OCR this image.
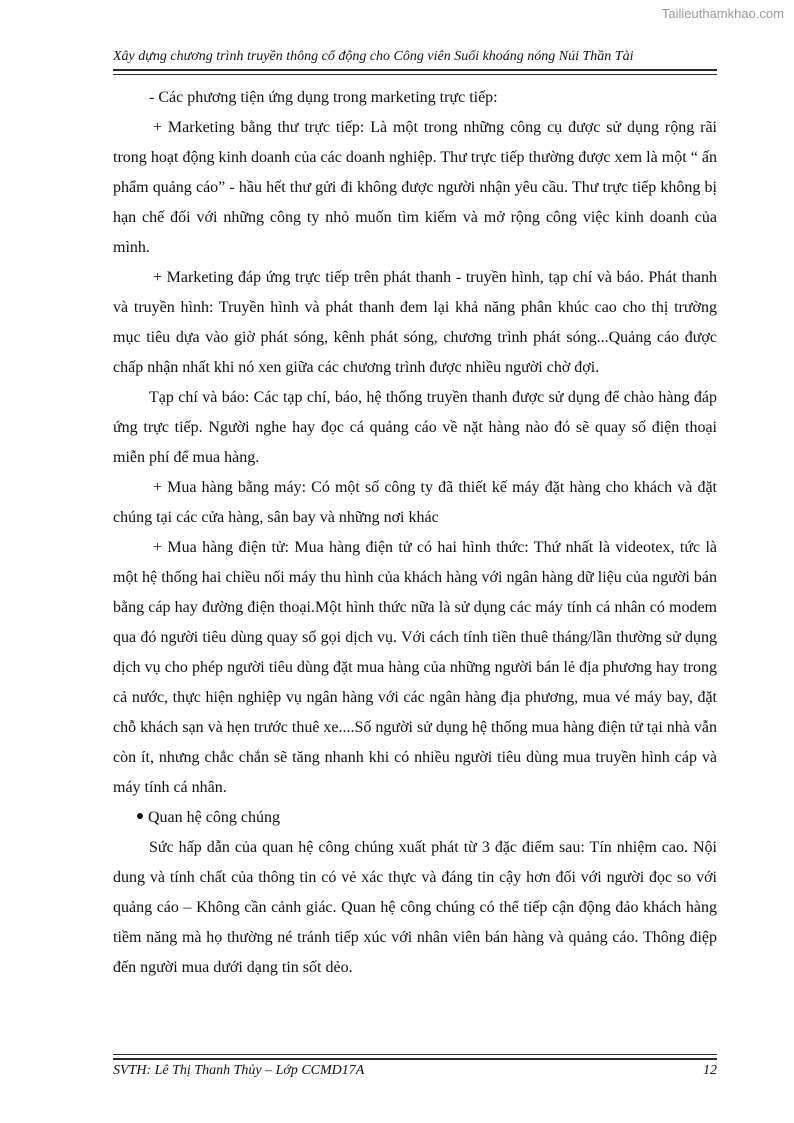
Tailieuthamkhao.com
Xây dựng chương trình truyền thông cổ động cho Công viên Suối khoáng nóng Núi Thần Tài

- Các phương tiện ứng dụng trong marketing trực tiếp:

+ Marketing bằng thư trực tiếp: Là một trong những công cụ được sử dụng rộng rãi trong hoạt động kinh doanh của các doanh nghiệp. Thư trực tiếp thường được xem là một “ ấn phẩm quảng cáo” - hầu hết thư gửi đi không được người nhận yêu cầu. Thư trực tiếp không bị hạn chế đối với những công ty nhỏ muốn tìm kiếm và mở rộng công việc kinh doanh của mình.

+ Marketing đáp ứng trực tiếp trên phát thanh - truyền hình, tạp chí và báo. Phát thanh và truyền hình: Truyền hình và phát thanh đem lại khả năng phân khúc cao cho thị trường mục tiêu dựa vào giờ phát sóng, kênh phát sóng, chương trình phát sóng...Quảng cáo được chấp nhận nhất khi nó xen giữa các chương trình được nhiều người chờ đợi.

Tạp chí và báo: Các tạp chí, báo, hệ thống truyền thanh được sử dụng để chào hàng đáp ứng trực tiếp. Người nghe hay đọc cá quảng cáo về nặt hàng nào đó sẽ quay số điện thoại miễn phí để mua hàng.

+ Mua hàng bằng máy: Có một số công ty đã thiết kế máy đặt hàng cho khách và đặt chúng tại các cửa hàng, sân bay và những nơi khác

+ Mua hàng điện tử: Mua hàng điện tử có hai hình thức: Thứ nhất là videotex, tức là một hệ thống hai chiều nối máy thu hình của khách hàng với ngân hàng dữ liệu của người bán bằng cáp hay đường điện thoại.Một hình thức nữa là sử dụng các máy tính cá nhân có modem qua đó người tiêu dùng quay số gọi dịch vụ. Với cách tính tiền thuê tháng/lần thường sử dụng dịch vụ cho phép người tiêu dùng đặt mua hàng của những người bán lẻ địa phương hay trong cả nước, thực hiện nghiệp vụ ngân hàng với các ngân hàng địa phương, mua vé máy bay, đặt chỗ khách sạn và hẹn trước thuê xe....Số người sử dụng hệ thống mua hàng điện tử tại nhà vẫn còn ít, nhưng chắc chắn sẽ tăng nhanh khi có nhiều người tiêu dùng mua truyền hình cáp và máy tính cá nhân.

Quan hệ công chúng

Sức hấp dẫn của quan hệ công chúng xuất phát từ 3 đặc điểm sau: Tín nhiệm cao. Nội dung và tính chất của thông tin có vẻ xác thực và đáng tin cậy hơn đối với người đọc so với quảng cáo – Không cần cảnh giác. Quan hệ công chúng có thể tiếp cận động đảo khách hàng tiềm năng mà họ thường né tránh tiếp xúc với nhân viên bán hàng và quảng cáo. Thông điệp đến người mua dưới dạng tin sốt dẻo.

SVTH: Lê Thị Thanh Thủy – Lớp CCMD17A	12
